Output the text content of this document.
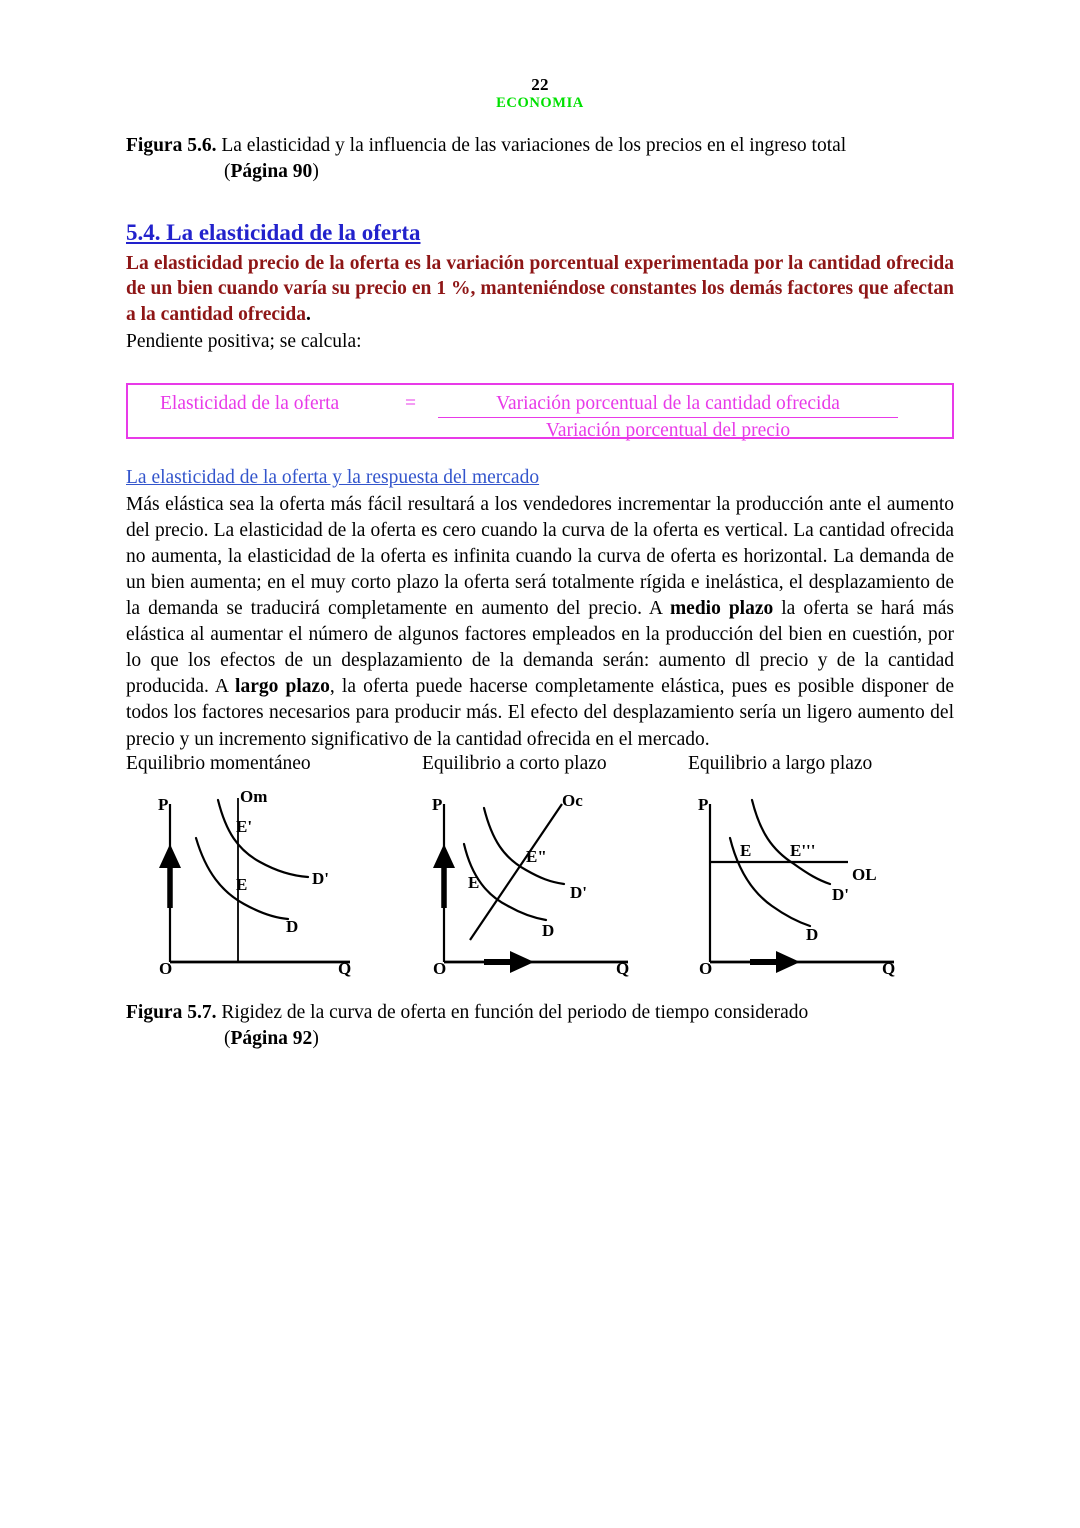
22
ECONOMIA
Figura 5.6. La elasticidad y la influencia de las variaciones de los precios en el ingreso total
(Página 90)
5.4. La elasticidad de la oferta
La elasticidad precio de la oferta es la variación porcentual experimentada por la cantidad ofrecida de un bien cuando varía su precio en 1 %, manteniéndose constantes los demás factores que afectan a la cantidad ofrecida.
Pendiente positiva; se calcula:
Elasticidad de la oferta	=	Variación porcentual de la cantidad ofrecida
Variación porcentual del precio
La elasticidad de la oferta y la respuesta del mercado
Más elástica sea la oferta más fácil resultará a los vendedores incrementar la producción ante el aumento del precio. La elasticidad de la oferta es cero cuando la curva de la oferta es vertical. La cantidad ofrecida no aumenta, la elasticidad de la oferta es infinita cuando la curva de oferta es horizontal. La demanda de un bien aumenta; en el muy corto plazo la oferta será totalmente rígida e inelástica, el desplazamiento de la demanda se traducirá completamente en aumento del precio. A medio plazo la oferta se hará más elástica al aumentar el número de algunos factores empleados en la producción del bien en cuestión, por lo que los efectos de un desplazamiento de la demanda serán: aumento dl precio y de la cantidad producida. A largo plazo, la oferta puede hacerse completamente elástica, pues es posible disponer de todos los factores necesarios para producir más. El efecto del desplazamiento sería un ligero aumento del precio y un incremento significativo de la cantidad ofrecida en el mercado.
Equilibrio momentáneo
P
O	Q
Om
E'
E	D'
D
Equilibrio a corto plazo
P
O	Q
Oc
E"
E
D'
D
Equilibrio a largo plazo
P
O	Q
OL
E E'''
D'
D
Figura 5.7. Rigidez de la curva de oferta en función del periodo de tiempo considerado
(Página 92)
